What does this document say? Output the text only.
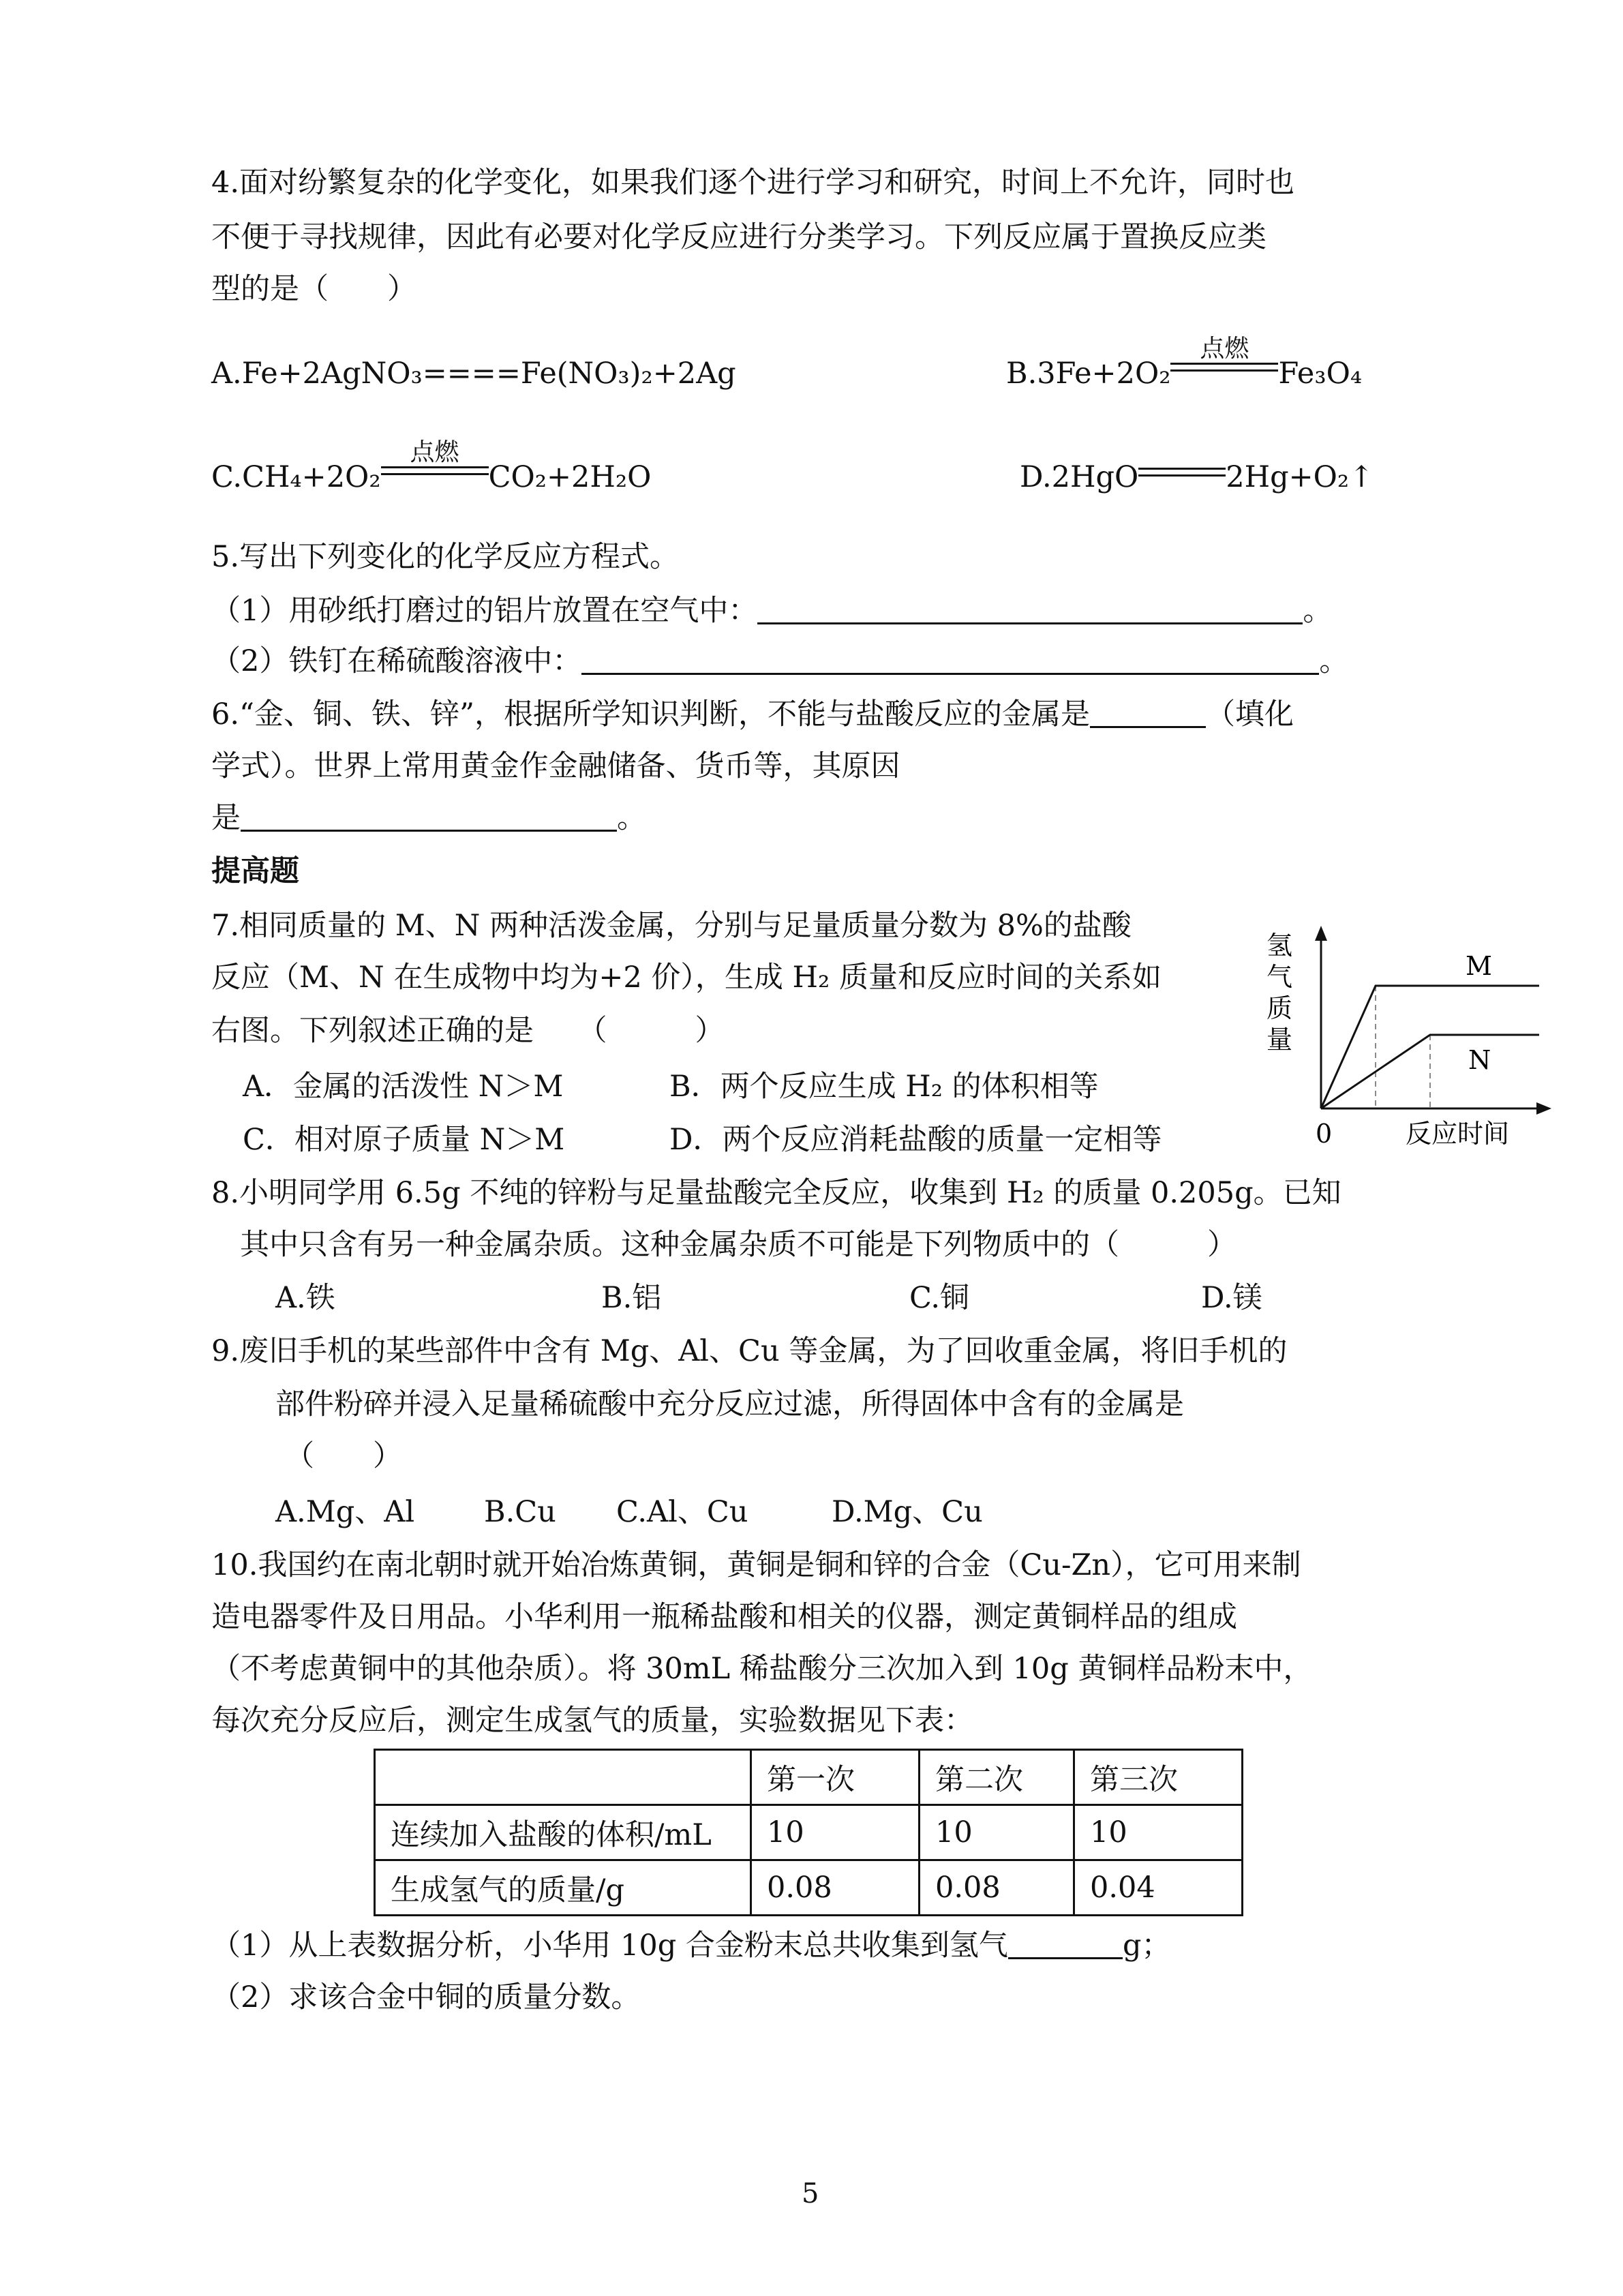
4.面对纷繁复杂的化学变化，如果我们逐个进行学习和研究，时间上不允许，同时也
不便于寻找规律，因此有必要对化学反应进行分类学习。下列反应属于置换反应类
型的是（　　）
A.Fe+2AgNO₃====Fe(NO₃)₂+2Ag	B.3Fe+2O₂
点燃
Fe₃O₄
C.CH₄+2O₂
点燃
CO₂+2H₂O	D.2HgO	2Hg+O₂↑
5.写出下列变化的化学反应方程式。
（1）用砂纸打磨过的铝片放置在空气中：	。
（2）铁钉在稀硫酸溶液中：	。
6.“金、铜、铁、锌”，根据所学知识判断，不能与盐酸反应的金属是	（填化
学式）。世界上常用黄金作金融储备、货币等，其原因
是	。
提高题
7.相同质量的 M、N 两种活泼金属，分别与足量质量分数为 8%的盐酸
反应（M、N 在生成物中均为+2 价），生成 H₂ 质量和反应时间的关系如
右图。下列叙述正确的是　　（　　　）
A．金属的活泼性 N＞M	B．两个反应生成 H₂ 的体积相等
C．相对原子质量 N＞M	D．两个反应消耗盐酸的质量一定相等
氢
气
质
量
M
N
0	反应时间
8.小明同学用 6.5g 不纯的锌粉与足量盐酸完全反应，收集到 H₂ 的质量 0.205g。已知
其中只含有另一种金属杂质。这种金属杂质不可能是下列物质中的（　　　）
A.铁	B.铝	C.铜	D.镁
9.废旧手机的某些部件中含有 Mg、Al、Cu 等金属，为了回收重金属，将旧手机的
部件粉碎并浸入足量稀硫酸中充分反应过滤，所得固体中含有的金属是
（　　）
A.Mg、Al B.Cu C.Al、Cu	D.Mg、Cu
10.我国约在南北朝时就开始冶炼黄铜，黄铜是铜和锌的合金（Cu-Zn），它可用来制
造电器零件及日用品。小华利用一瓶稀盐酸和相关的仪器，测定黄铜样品的组成
（不考虑黄铜中的其他杂质）。将 30mL 稀盐酸分三次加入到 10g 黄铜样品粉末中，
每次充分反应后，测定生成氢气的质量，实验数据见下表：
	第一次	第二次	第三次
连续加入盐酸的体积/mL	10	10	10
生成氢气的质量/g	0.08	0.08	0.04
（1）从上表数据分析，小华用 10g 合金粉末总共收集到氢气	g；
（2）求该合金中铜的质量分数。
5
